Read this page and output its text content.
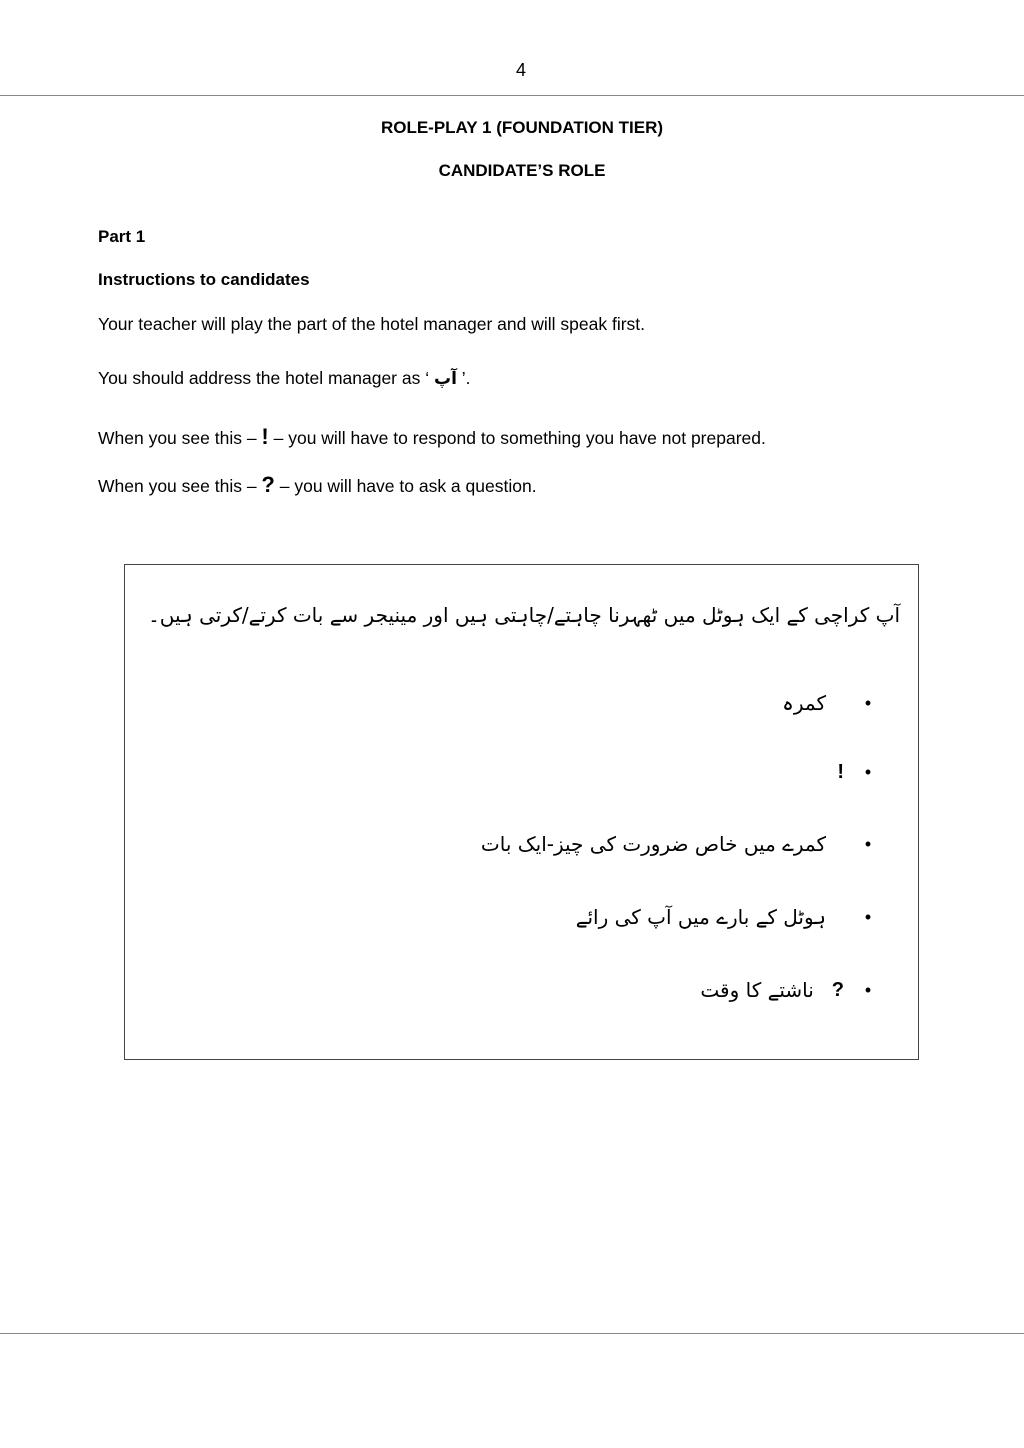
4
ROLE-PLAY 1 (FOUNDATION TIER)
CANDIDATE’S ROLE
Part 1
Instructions to candidates
Your teacher will play the part of the hotel manager and will speak first.
You should address the hotel manager as ‘ آپ ’.
When you see this – ! – you will have to respond to something you have not prepared.
When you see this – ? – you will have to ask a question.
آپ کراچی کے ایک ہوٹل میں ٹھہرنا چاہتے/چاہتی ہیں اور مینیجر سے بات کرتے/کرتی ہیں۔
•
کمرہ
•
!
•
کمرے میں خاص ضرورت کی چیز-ایک بات
•
ہوٹل کے بارے میں آپ کی رائے
•
?
ناشتے کا وقت
